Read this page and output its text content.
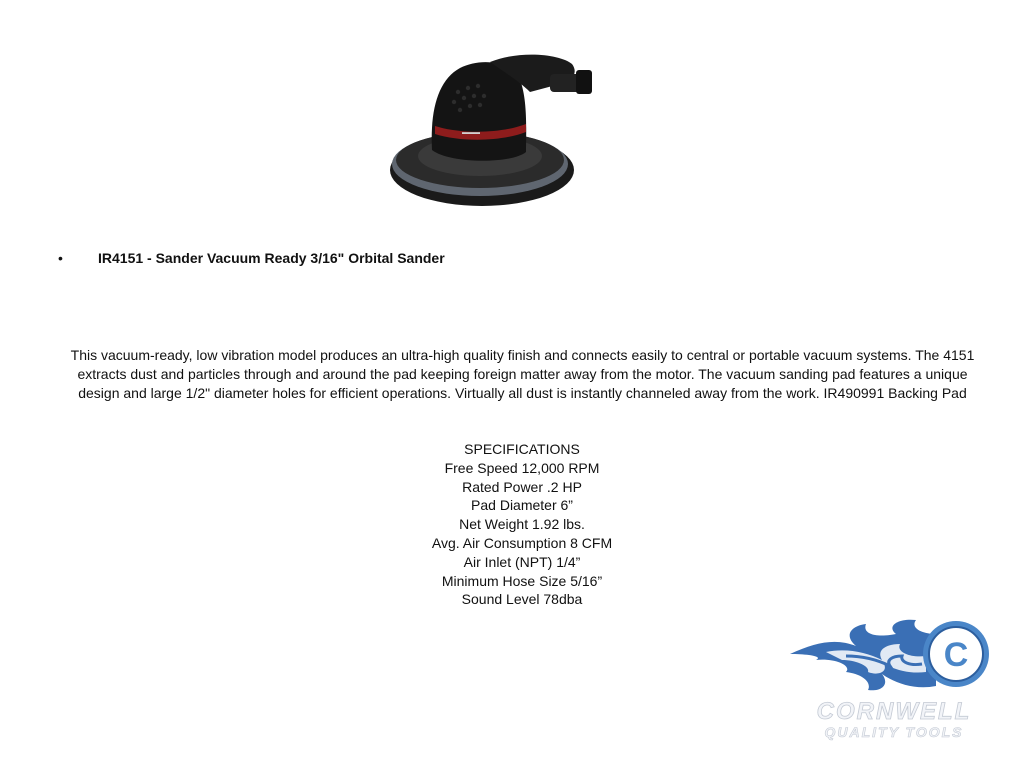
▬▬▬
•	IR4151 - Sander Vacuum Ready 3/16" Orbital Sander
This vacuum-ready, low vibration model produces an ultra-high quality finish and connects easily to central or portable vacuum systems. The 4151 extracts dust and particles through and around the pad keeping foreign matter away from the motor. The vacuum sanding pad features a unique design and large 1/2" diameter holes for efficient operations. Virtually all dust is instantly channeled away from the work. IR490991 Backing Pad
SPECIFICATIONS
Free Speed 12,000 RPM
Rated Power .2 HP
Pad Diameter 6”
Net Weight 1.92 lbs.
Avg. Air Consumption 8 CFM
Air Inlet (NPT) 1/4”
Minimum Hose Size 5/16”
Sound Level 78dba
C
CORNWELL
QUALITY TOOLS
